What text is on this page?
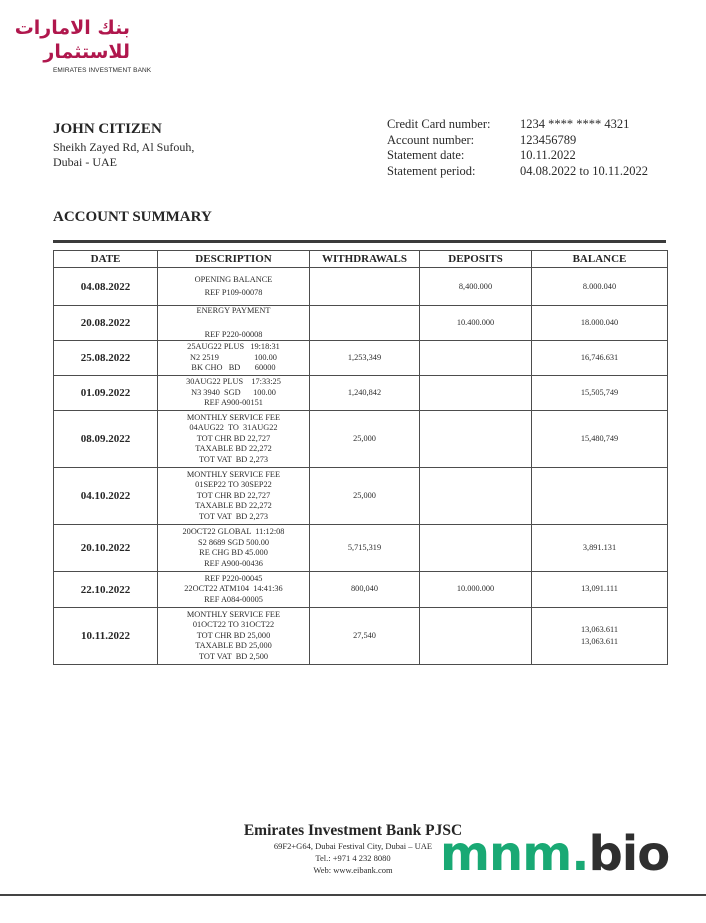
بنك الامارات
للاستثمار
EMIRATES INVESTMENT BANK
JOHN CITIZEN
Sheikh Zayed Rd, Al Sufouh,
Dubai - UAE
Credit Card number: 1234 **** **** 4321
Account number:	123456789
Statement date:	10.11.2022
Statement period:	04.08.2022 to 10.11.2022
ACCOUNT SUMMARY
DATE	DESCRIPTION	WITHDRAWALS	DEPOSITS	BALANCE
04.08.2022	OPENING BALANCE
REF P109-00078		8,400.000	8.000.040
20.08.2022	ENERGY PAYMENT
REF P220-00008		10.400.000	18.000.040
25.08.2022	25AUG22 PLUS   19:18:31
N2 2519                 100.00
BK CHO   BD       60000	1,253,349		16,746.631
01.09.2022	30AUG22 PLUS    17:33:25
N3 3940  SGD      100.00
REF A900-00151	1,240,842		15,505,749
08.09.2022	MONTHLY SERVICE FEE
04AUG22  TO  31AUG22
TOT CHR BD 22,727
TAXABLE BD 22,272
TOT VAT  BD 2,273	25,000		15,480,749
04.10.2022	MONTHLY SERVICE FEE
01SEP22 TO 30SEP22
TOT CHR BD 22,727
TAXABLE BD 22,272
TOT VAT  BD 2,273	25,000		
20.10.2022	20OCT22 GLOBAL  11:12:08
S2 8689 SGD 500.00
RE CHG BD 45.000
REF A900-00436	5,715,319		3,891.131
22.10.2022	REF P220-00045
22OCT22 ATM104  14:41:36
REF A084-00005	800,040	10.000.000	13,091.111
10.11.2022	MONTHLY SERVICE FEE
01OCT22 TO 31OCT22
TOT CHR BD 25,000
TAXABLE BD 25,000
TOT VAT  BD 2,500	27,540		13,063.611
13,063.611
Emirates Investment Bank PJSC
69F2+G64, Dubai Festival City, Dubai – UAE
Tel.: +971 4 232 8080
Web: www.eibank.com mnm.bio
